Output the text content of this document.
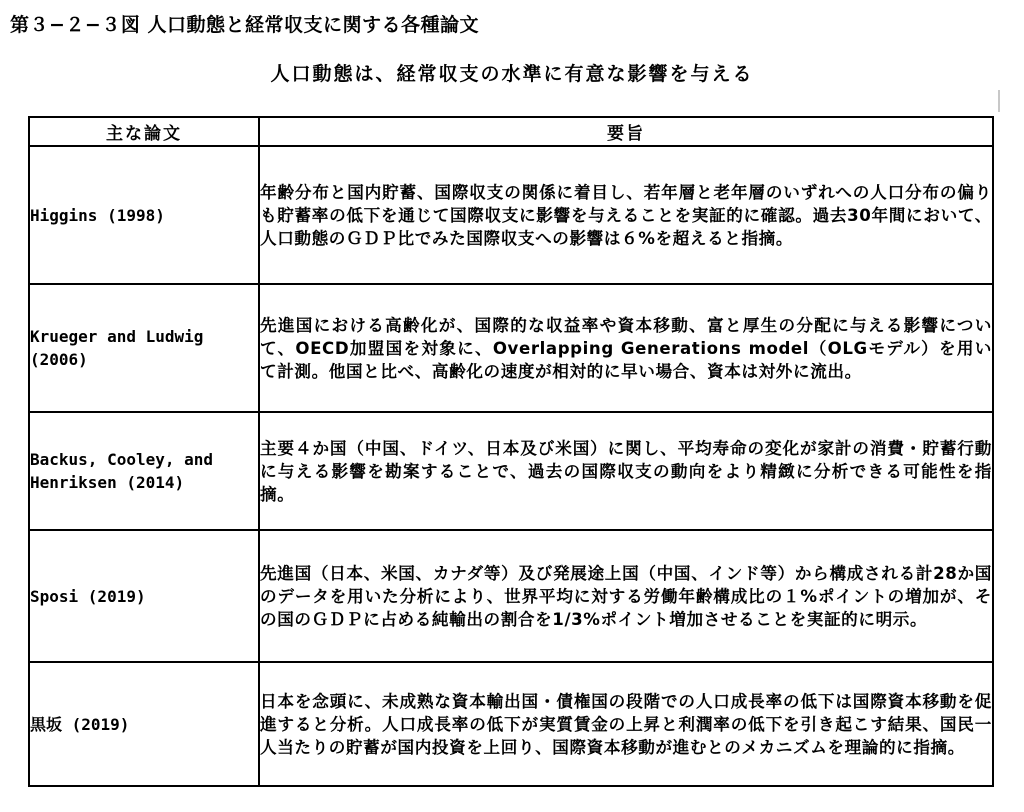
第３−２−３図 人口動態と経常収支に関する各種論文
人口動態は、経常収支の水準に有意な影響を与える
主な論文	要旨
Higgins (1998)	年齢分布と国内貯蓄、国際収支の関係に着目し、若年層と老年層のいずれへの人口分布の偏りも貯蓄率の低下を通じて国際収支に影響を与えることを実証的に確認。過去30年間において、人口動態のＧＤＰ比でみた国際収支への影響は６%を超えると指摘。
Krueger and Ludwig (2006)	先進国における高齢化が、国際的な収益率や資本移動、富と厚生の分配に与える影響について、OECD加盟国を対象に、Overlapping Generations model（OLGモデル）を用いて計測。他国と比べ、高齢化の速度が相対的に早い場合、資本は対外に流出。
Backus, Cooley, and Henriksen (2014)	主要４か国（中国、ドイツ、日本及び米国）に関し、平均寿命の変化が家計の消費・貯蓄行動に与える影響を勘案することで、過去の国際収支の動向をより精緻に分析できる可能性を指摘。
Sposi (2019)	先進国（日本、米国、カナダ等）及び発展途上国（中国、インド等）から構成される計28か国のデータを用いた分析により、世界平均に対する労働年齢構成比の１%ポイントの増加が、その国のＧＤＰに占める純輸出の割合を1/3%ポイント増加させることを実証的に明示。
黒坂 (2019)	日本を念頭に、未成熟な資本輸出国・債権国の段階での人口成長率の低下は国際資本移動を促進すると分析。人口成長率の低下が実質賃金の上昇と利潤率の低下を引き起こす結果、国民一人当たりの貯蓄が国内投資を上回り、国際資本移動が進むとのメカニズムを理論的に指摘。
